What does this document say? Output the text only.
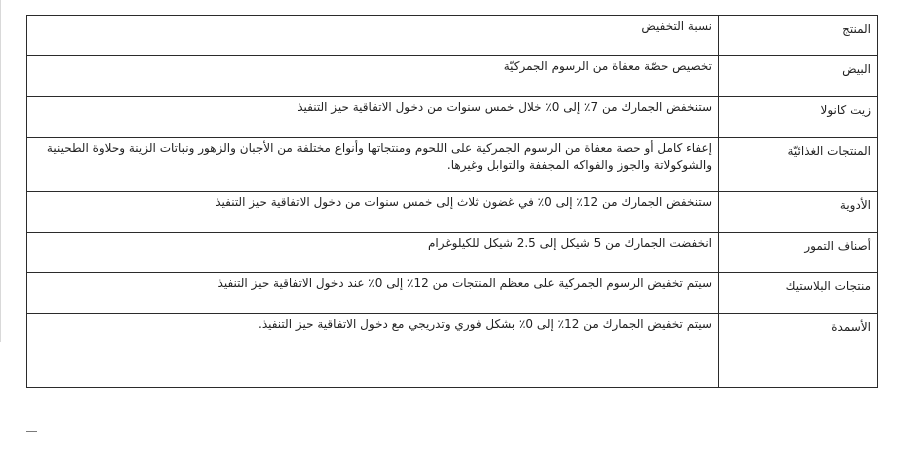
المنتج	نسبة التخفيض
البيض	تخصيص حصّة معفاة من الرسوم الجمركيّة
زيت كانولا	ستنخفض الجمارك من 7٪ إلى 0٪ خلال خمس سنوات من دخول الاتفاقية حيز التنفيذ
المنتجات الغذائيّة	إعفاء كامل أو حصة معفاة من الرسوم الجمركية على اللحوم ومنتجاتها وأنواع مختلفة من الأجبان والزهور ونباتات الزينة وحلاوة الطحينية والشوكولاتة والجوز والفواكه المجففة والتوابل وغيرها.
الأدوية	ستنخفض الجمارك من 12٪ إلى 0٪ في غضون ثلاث إلى خمس سنوات من دخول الاتفاقية حيز التنفيذ
أصناف التمور	انخفضت الجمارك من 5 شيكل إلى 2.5 شيكل للكيلوغرام
منتجات البلاستيك	سيتم تخفيض الرسوم الجمركية على معظم المنتجات من 12٪ إلى 0٪ عند دخول الاتفاقية حيز التنفيذ
الأسمدة	سيتم تخفيض الجمارك من 12٪ إلى 0٪ بشكل فوري وتدريجي مع دخول الاتفاقية حيز التنفيذ.
